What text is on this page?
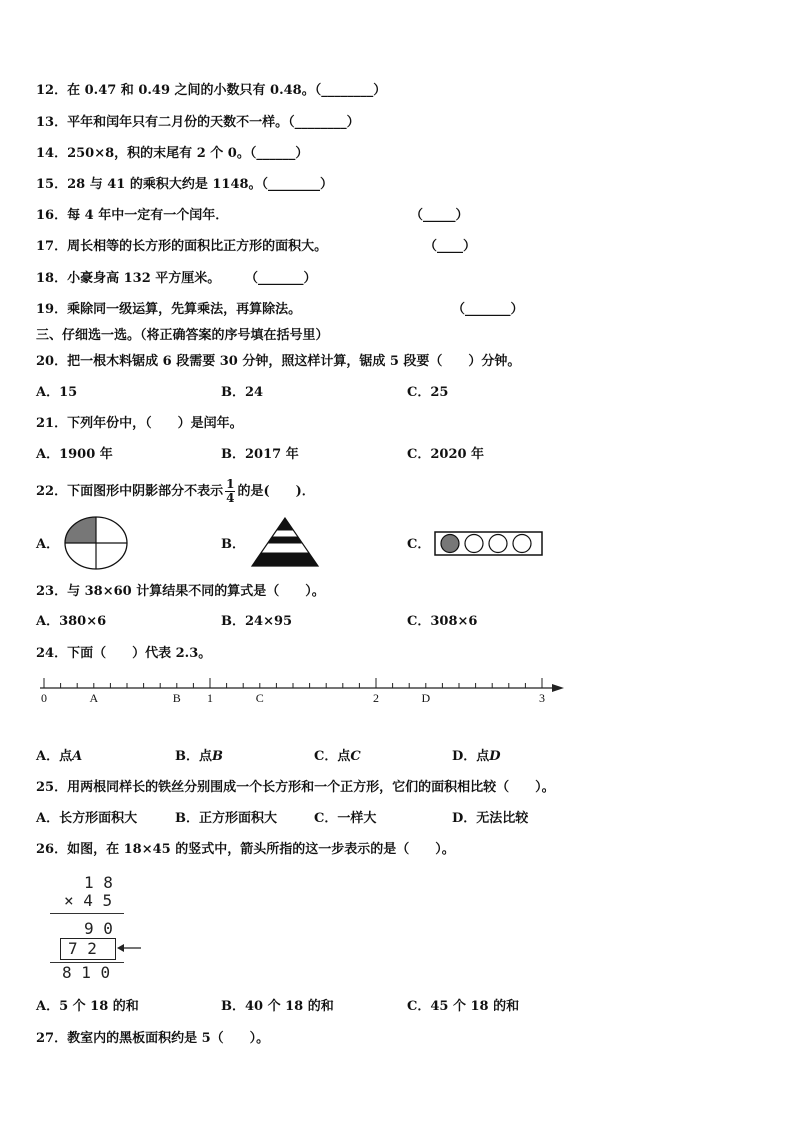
12．在 0.47 和 0.49 之间的小数只有 0.48。（________）
13．平年和闰年只有二月份的天数不一样。（________）
14．250×8，积的末尾有 2 个 0。（______）
15．28 与 41 的乘积大约是 1148。（________）
16．每 4 年中一定有一个闰年．	（_____）
17．周长相等的长方形的面积比正方形的面积大。	（____）
18．小豪身高 132 平方厘米。 （_______）
19．乘除同一级运算，先算乘法，再算除法。	（_______）
三、仔细选一选。（将正确答案的序号填在括号里）
20．把一根木料锯成 6 段需要 30 分钟，照这样计算，锯成 5 段要（　　）分钟。
A．15	B．24	C．25
21．下列年份中，（　　）是闰年。
A．1900 年	B．2017 年	C．2020 年
22．下面图形中阴影部分不表示 $\frac{1}{4}$ 的是(　　)．
A．	B．	C．
23．与 38×60 计算结果不同的算式是（　　）。
A．380×6	B．24×95	C．308×6
24．下面（　　）代表 2.3。
0	A	B 1	C	2	D	3
A．点A	B．点B	C．点C	D．点D
25．用两根同样长的铁丝分别围成一个长方形和一个正方形，它们的面积相比较（　　）。
A．长方形面积大	B．正方形面积大	C．一样大	D．无法比较
26．如图，在 18×45 的竖式中，箭头所指的这一步表示的是（　　）。
1 8
× 4 5
9 0
7 2
8 1 0
A．5 个 18 的和	B．40 个 18 的和	C．45 个 18 的和
27．教室内的黑板面积约是 5（　　）。
